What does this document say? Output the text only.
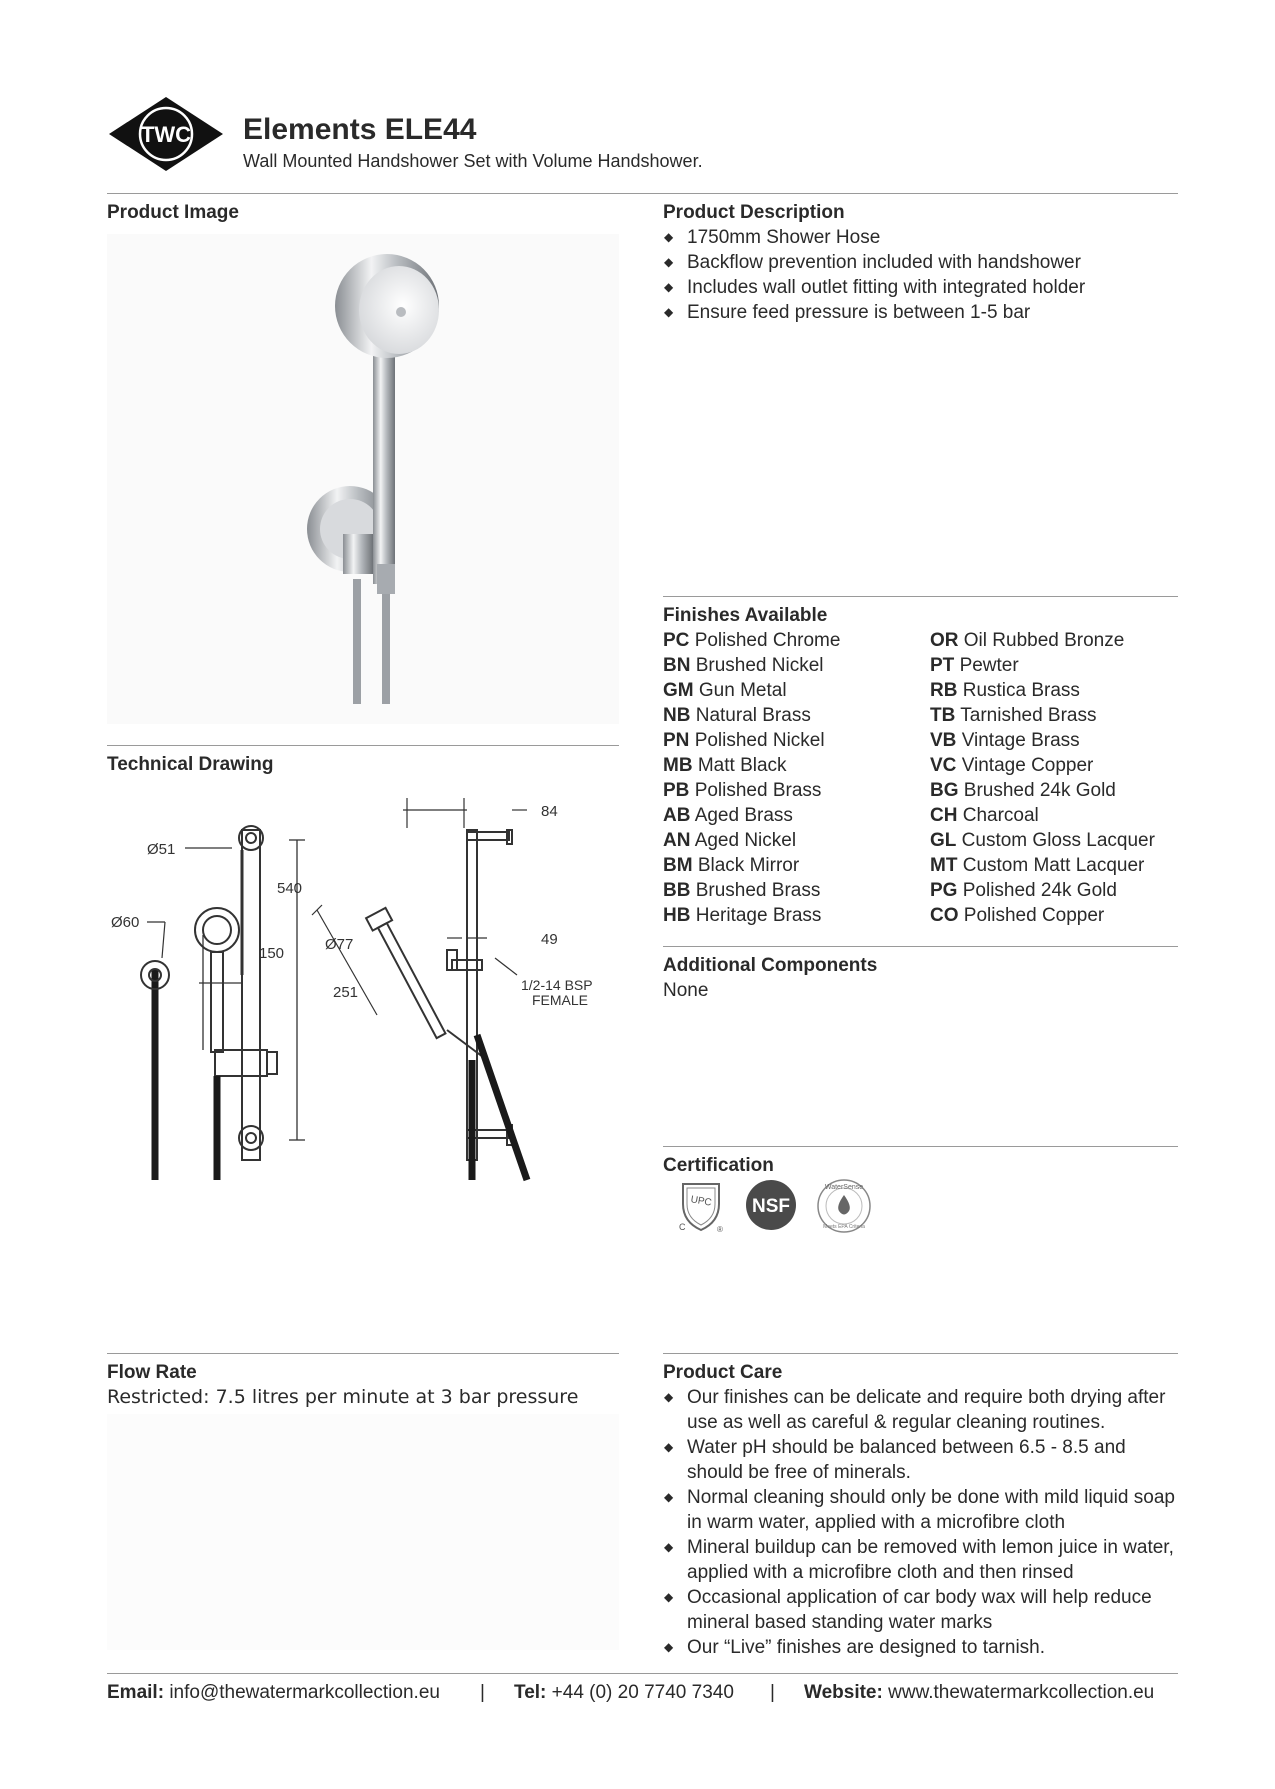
TWC Elements ELE44
Wall Mounted Handshower Set with Volume Handshower.
Product Image
Technical Drawing
Ø51
Ø60
540
150
Ø77
251
84
49
1/2-14 BSP
FEMALE
Flow Rate
Restricted: 7.5 litres per minute at 3 bar pressure
Product Description
◆ 1750mm Shower Hose
◆ Backflow prevention included with handshower
◆ Includes wall outlet fitting with integrated holder
◆ Ensure feed pressure is between 1-5 bar
Finishes Available
PC Polished Chrome
BN Brushed Nickel
GM Gun Metal
NB Natural Brass
PN Polished Nickel
MB Matt Black
PB Polished Brass
AB Aged Brass
AN Aged Nickel
BM Black Mirror
BB Brushed Brass
HB Heritage Brass
OR Oil Rubbed Bronze
PT Pewter
RB Rustica Brass
TB Tarnished Brass
VB Vintage Brass
VC Vintage Copper
BG Brushed 24k Gold
CH Charcoal
GL Custom Gloss Lacquer
MT Custom Matt Lacquer
PG Polished 24k Gold
CO Polished Copper
Additional Components
None
Certification
UPC
C	®
NSF
WaterSense
Meets EPA Criteria
Product Care
◆ Our finishes can be delicate and require both drying after use as well as careful & regular cleaning routines.
◆ Water pH should be balanced between 6.5 - 8.5 and should be free of minerals.
◆ Normal cleaning should only be done with mild liquid soap in warm water, applied with a microfibre cloth
◆ Mineral buildup can be removed with lemon juice in water, applied with a microfibre cloth and then rinsed
◆ Occasional application of car body wax will help reduce mineral based standing water marks
◆ Our “Live” finishes are designed to tarnish.
Email: info@thewatermarkcollection.eu | Tel: +44 (0) 20 7740 7340 | Website: www.thewatermarkcollection.eu
